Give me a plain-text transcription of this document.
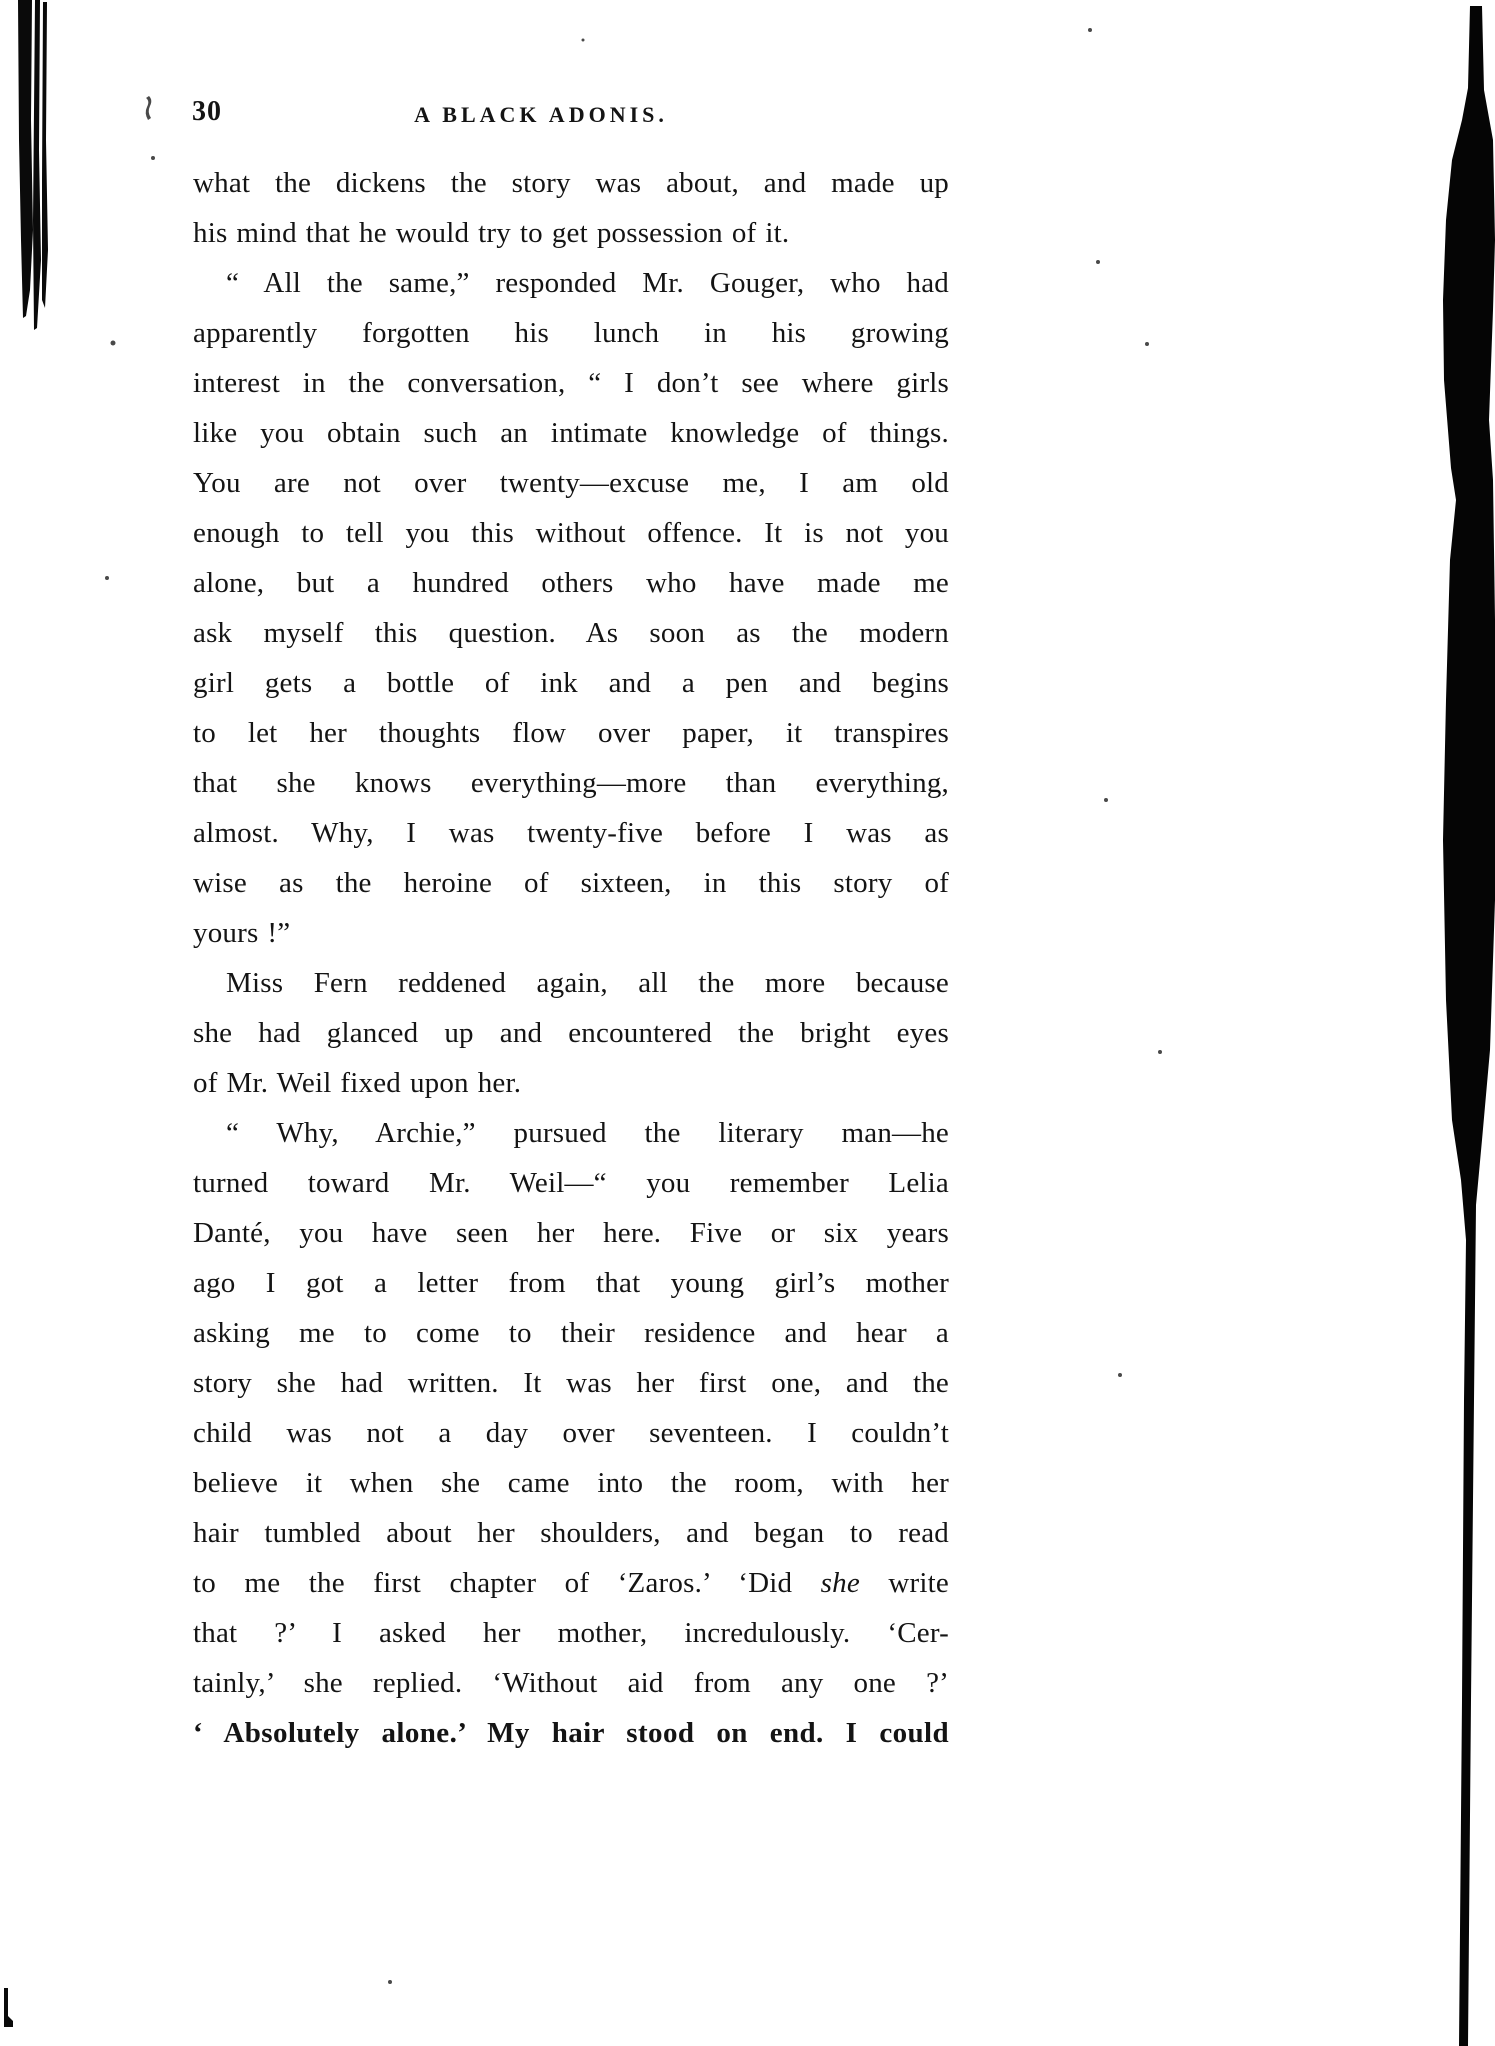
30	A BLACK ADONIS.
what the dickens the story was about, and made up
his mind that he would try to get possession of it.
“ All the same,” responded Mr. Gouger, who had
apparently forgotten his lunch in his growing
interest in the conversation, “ I don’t see where girls
like you obtain such an intimate knowledge of things.
You are not over twenty—excuse me, I am old
enough to tell you this without offence. It is not you
alone, but a hundred others who have made me
ask myself this question. As soon as the modern
girl gets a bottle of ink and a pen and begins
to let her thoughts flow over paper, it transpires
that she knows everything—more than everything,
almost. Why, I was twenty-five before I was as
wise as the heroine of sixteen, in this story of
yours !”
Miss Fern reddened again, all the more because
she had glanced up and encountered the bright eyes
of Mr. Weil fixed upon her.
“ Why, Archie,” pursued the literary man—he
turned toward Mr. Weil—“ you remember Lelia
Danté, you have seen her here. Five or six years
ago I got a letter from that young girl’s mother
asking me to come to their residence and hear a
story she had written. It was her first one, and the
child was not a day over seventeen. I couldn’t
believe it when she came into the room, with her
hair tumbled about her shoulders, and began to read
to me the first chapter of ‘Zaros.’ ‘Did she write
that ?’ I asked her mother, incredulously. ‘Cer-
tainly,’ she replied. ‘Without aid from any one ?’
‘ Absolutely alone.’ My hair stood on end. I could
